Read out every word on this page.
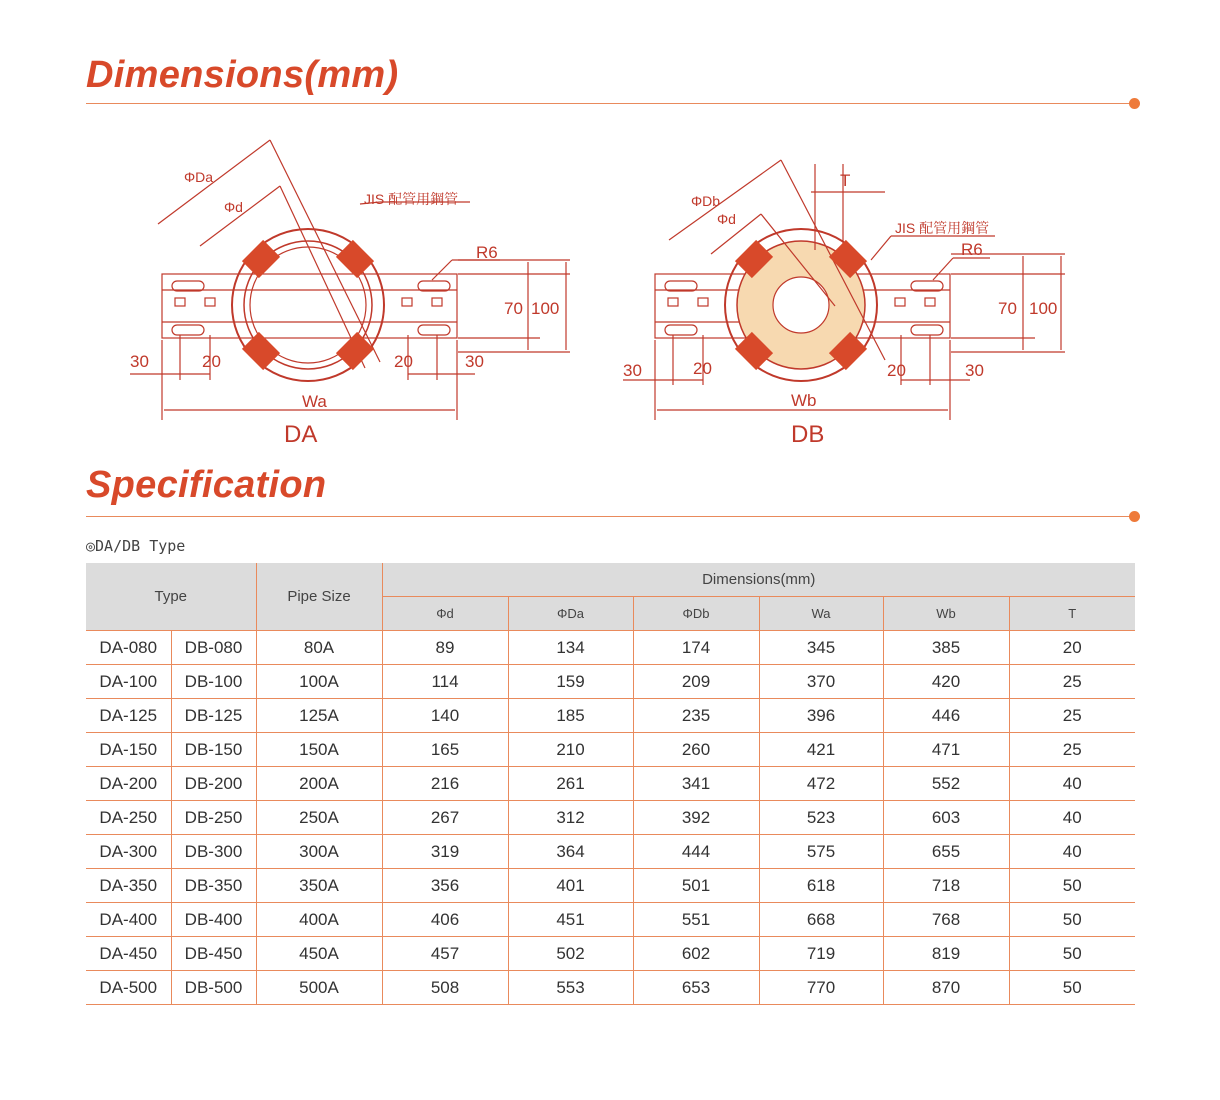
Dimensions(mm)
ΦDa
Φd	JIS 配管用鋼管
R6
70 100
30	20	20	30
Wa
DA
ΦDb
Φd
T
JIS 配管用鋼管
R6
70 100
30	20	20	30
Wb
DB
Specification
◎DA/DB Type
Type		Pipe Size	Dimensions(mm)					
			Φd	ΦDa	ΦDb	Wa	Wb	T
DA-080	DB-080	80A	89	134	174	345	385	20
DA-100	DB-100	100A	114	159	209	370	420	25
DA-125	DB-125	125A	140	185	235	396	446	25
DA-150	DB-150	150A	165	210	260	421	471	25
DA-200	DB-200	200A	216	261	341	472	552	40
DA-250	DB-250	250A	267	312	392	523	603	40
DA-300	DB-300	300A	319	364	444	575	655	40
DA-350	DB-350	350A	356	401	501	618	718	50
DA-400	DB-400	400A	406	451	551	668	768	50
DA-450	DB-450	450A	457	502	602	719	819	50
DA-500	DB-500	500A	508	553	653	770	870	50
